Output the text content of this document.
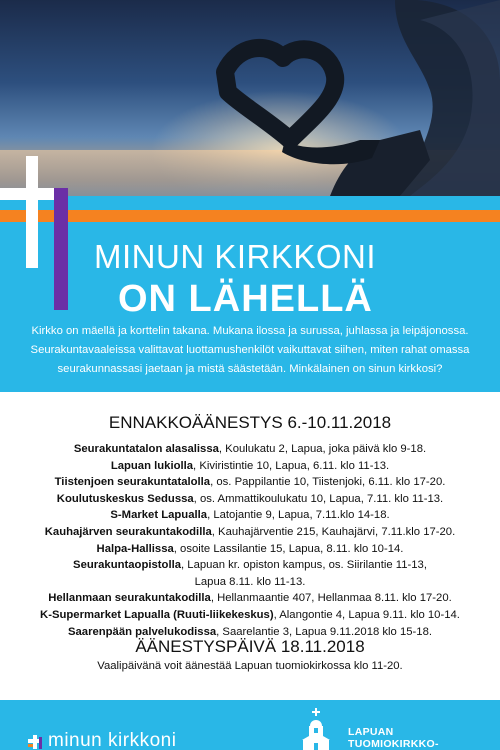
MINUN KIRKKONI
ON LÄHELLÄ
Kirkko on mäellä ja korttelin takana. Mukana ilossa ja surussa, juhlassa ja leipäjonossa.
Seurakuntavaaleissa valittavat luottamushenkilöt vaikuttavat siihen, miten rahat omassa
seurakunnassasi jaetaan ja mistä säästetään. Minkälainen on sinun kirkkosi?
ENNAKKOÄÄNESTYS 6.-10.11.2018
Seurakuntatalon alasalissa, Koulukatu 2, Lapua, joka päivä klo 9-18.
Lapuan lukiolla, Kiviristintie 10, Lapua, 6.11. klo 11-13.
Tiistenjoen seurakuntatalolla, os. Pappilantie 10, Tiistenjoki, 6.11. klo 17-20.
Koulutuskeskus Sedussa, os. Ammattikoulukatu 10, Lapua, 7.11. klo 11-13.
S-Market Lapualla, Latojantie 9, Lapua, 7.11.klo 14-18.
Kauhajärven seurakuntakodilla, Kauhajärventie 215, Kauhajärvi, 7.11.klo 17-20.
Halpa-Hallissa, osoite Lassilantie 15, Lapua, 8.11. klo 10-14.
Seurakuntaopistolla, Lapuan kr. opiston kampus, os. Siirilantie 11-13,
Lapua 8.11. klo 11-13.
Hellanmaan seurakuntakodilla, Hellanmaantie 407, Hellanmaa 8.11. klo 17-20.
K-Supermarket Lapualla (Ruuti-liikekeskus), Alangontie 4, Lapua 9.11. klo 10-14.
Saarenpään palvelukodissa, Saarelantie 3, Lapua 9.11.2018 klo 15-18.
ÄÄNESTYSPÄIVÄ 18.11.2018
Vaalipäivänä voit äänestää Lapuan tuomiokirkossa klo 11-20.
minun kirkkoni	LAPUAN
TUOMIOKIRKKO-
